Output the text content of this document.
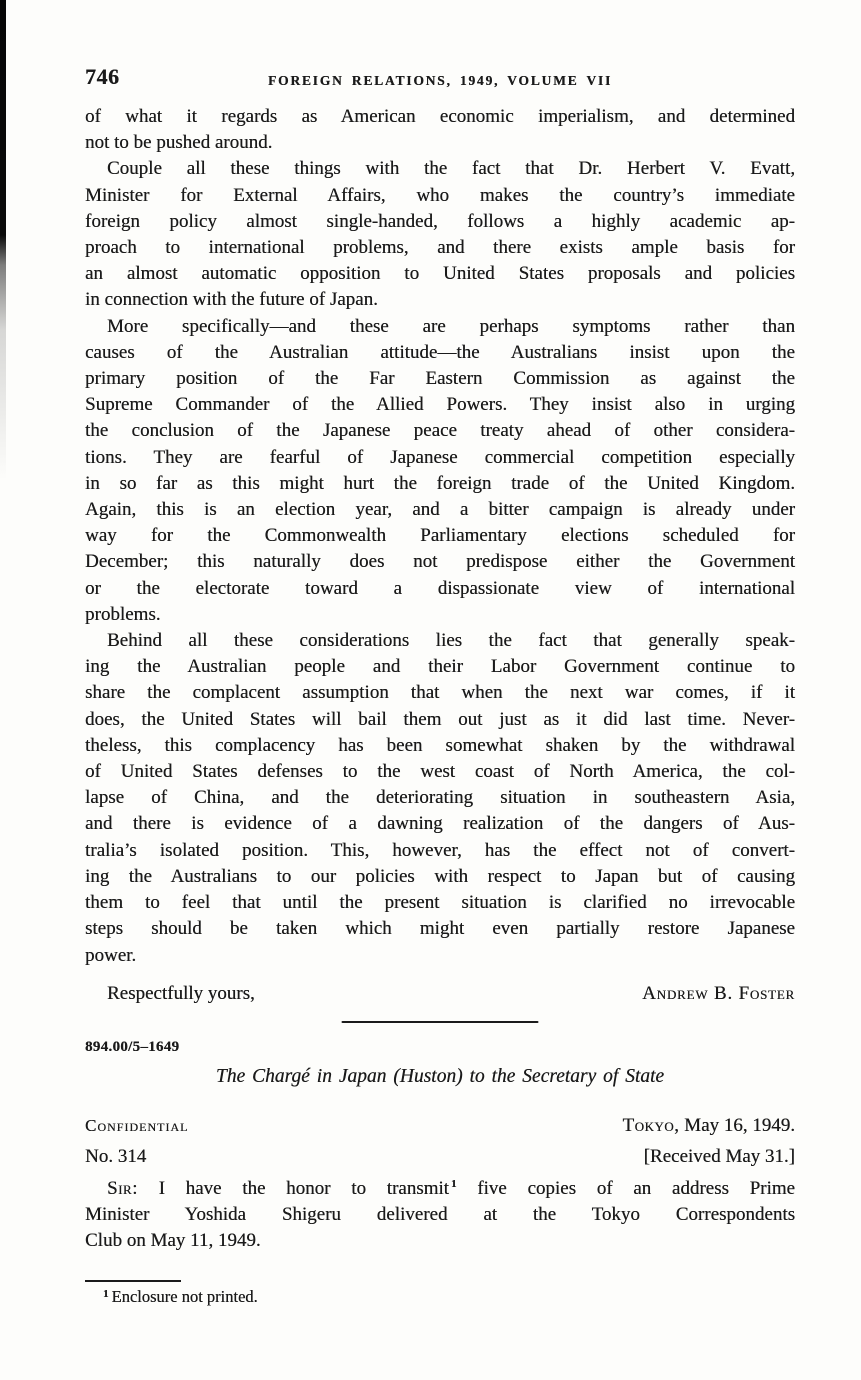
746	FOREIGN RELATIONS, 1949, VOLUME VII
of what it regards as American economic imperialism, and determined
not to be pushed around.
Couple all these things with the fact that Dr. Herbert V. Evatt,
Minister for External Affairs, who makes the country’s immediate
foreign policy almost single-handed, follows a highly academic ap-
proach to international problems, and there exists ample basis for
an almost automatic opposition to United States proposals and policies
in connection with the future of Japan.
More specifically—and these are perhaps symptoms rather than
causes of the Australian attitude—the Australians insist upon the
primary position of the Far Eastern Commission as against the
Supreme Commander of the Allied Powers. They insist also in urging
the conclusion of the Japanese peace treaty ahead of other considera-
tions. They are fearful of Japanese commercial competition especially
in so far as this might hurt the foreign trade of the United Kingdom.
Again, this is an election year, and a bitter campaign is already under
way for the Commonwealth Parliamentary elections scheduled for
December; this naturally does not predispose either the Government
or the electorate toward a dispassionate view of international
problems.
Behind all these considerations lies the fact that generally speak-
ing the Australian people and their Labor Government continue to
share the complacent assumption that when the next war comes, if it
does, the United States will bail them out just as it did last time. Never-
theless, this complacency has been somewhat shaken by the withdrawal
of United States defenses to the west coast of North America, the col-
lapse of China, and the deteriorating situation in southeastern Asia,
and there is evidence of a dawning realization of the dangers of Aus-
tralia’s isolated position. This, however, has the effect not of convert-
ing the Australians to our policies with respect to Japan but of causing
them to feel that until the present situation is clarified no irrevocable
steps should be taken which might even partially restore Japanese
power.
Respectfully yours,	Andrew B. Foster
894.00/5–1649
The Chargé in Japan (Huston) to the Secretary of State
Confidential	Tokyo, May 16, 1949.
No. 314	[Received May 31.]
Sir: I have the honor to transmit $^1$ five copies of an address Prime
Minister Yoshida Shigeru delivered at the Tokyo Correspondents
Club on May 11, 1949.
$^1$ Enclosure not printed.
